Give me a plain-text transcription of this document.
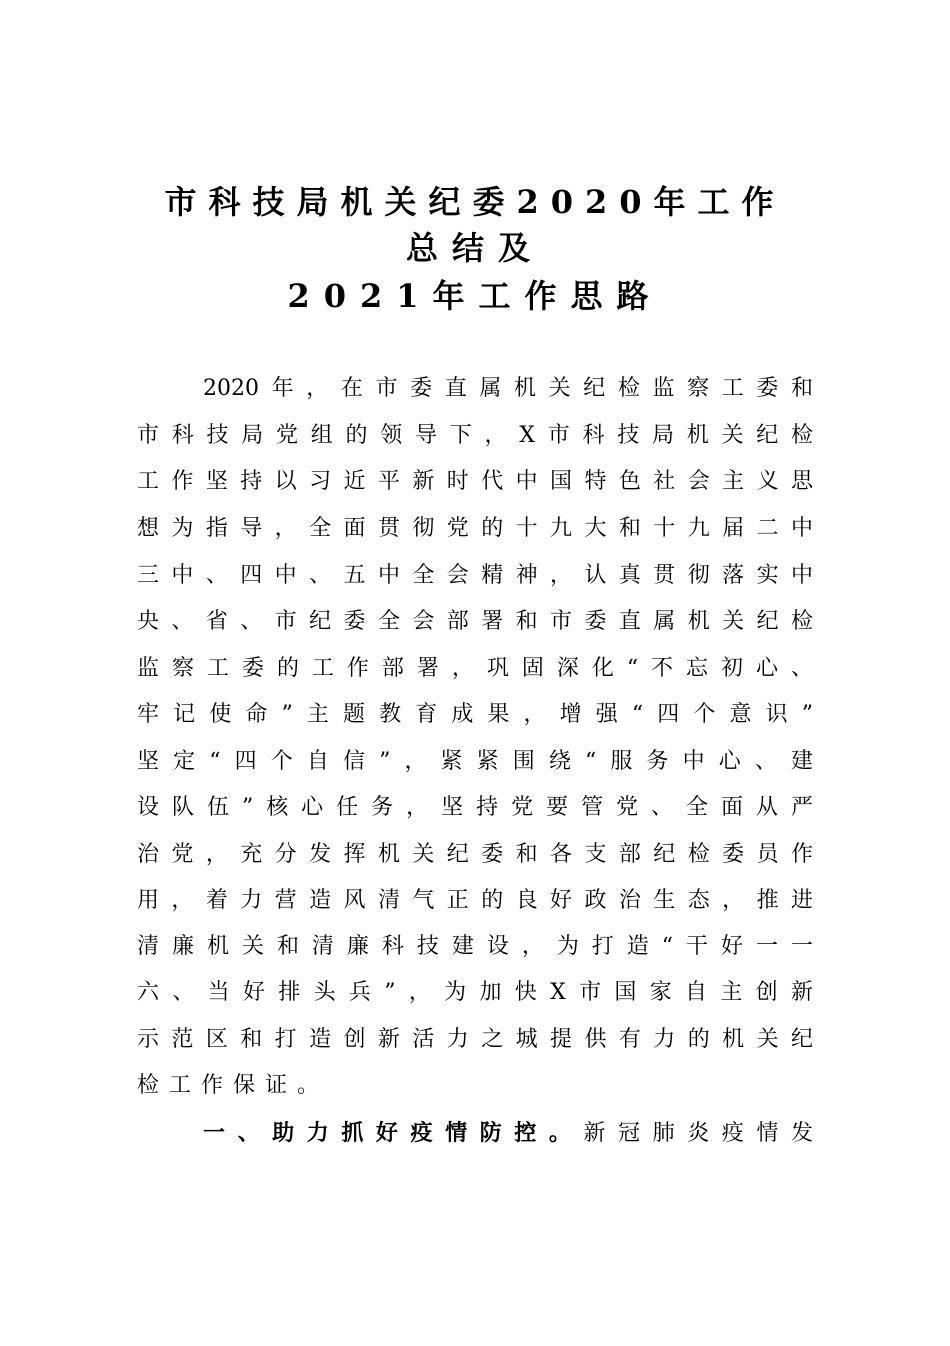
市科技局机关纪委2020年工作
总结及
2021年工作思路
2020年，在市委直属机关纪检监察工委和
市科技局党组的领导下，X市科技局机关纪检
工作坚持以习近平新时代中国特色社会主义思
想为指导，全面贯彻党的十九大和十九届二中
三中、四中、五中全会精神，认真贯彻落实中
央、省、市纪委全会部署和市委直属机关纪检
监察工委的工作部署，巩固深化“不忘初心、
牢记使命”主题教育成果，增强“四个意识”
坚定“四个自信”，紧紧围绕“服务中心、建
设队伍”核心任务，坚持党要管党、全面从严
治党，充分发挥机关纪委和各支部纪检委员作
用，着力营造风清气正的良好政治生态，推进
清廉机关和清廉科技建设，为打造“干好一一
六、当好排头兵”，为加快X市国家自主创新
示范区和打造创新活力之城提供有力的机关纪
检工作保证。
一、助力抓好疫情防控。新冠肺炎疫情发
